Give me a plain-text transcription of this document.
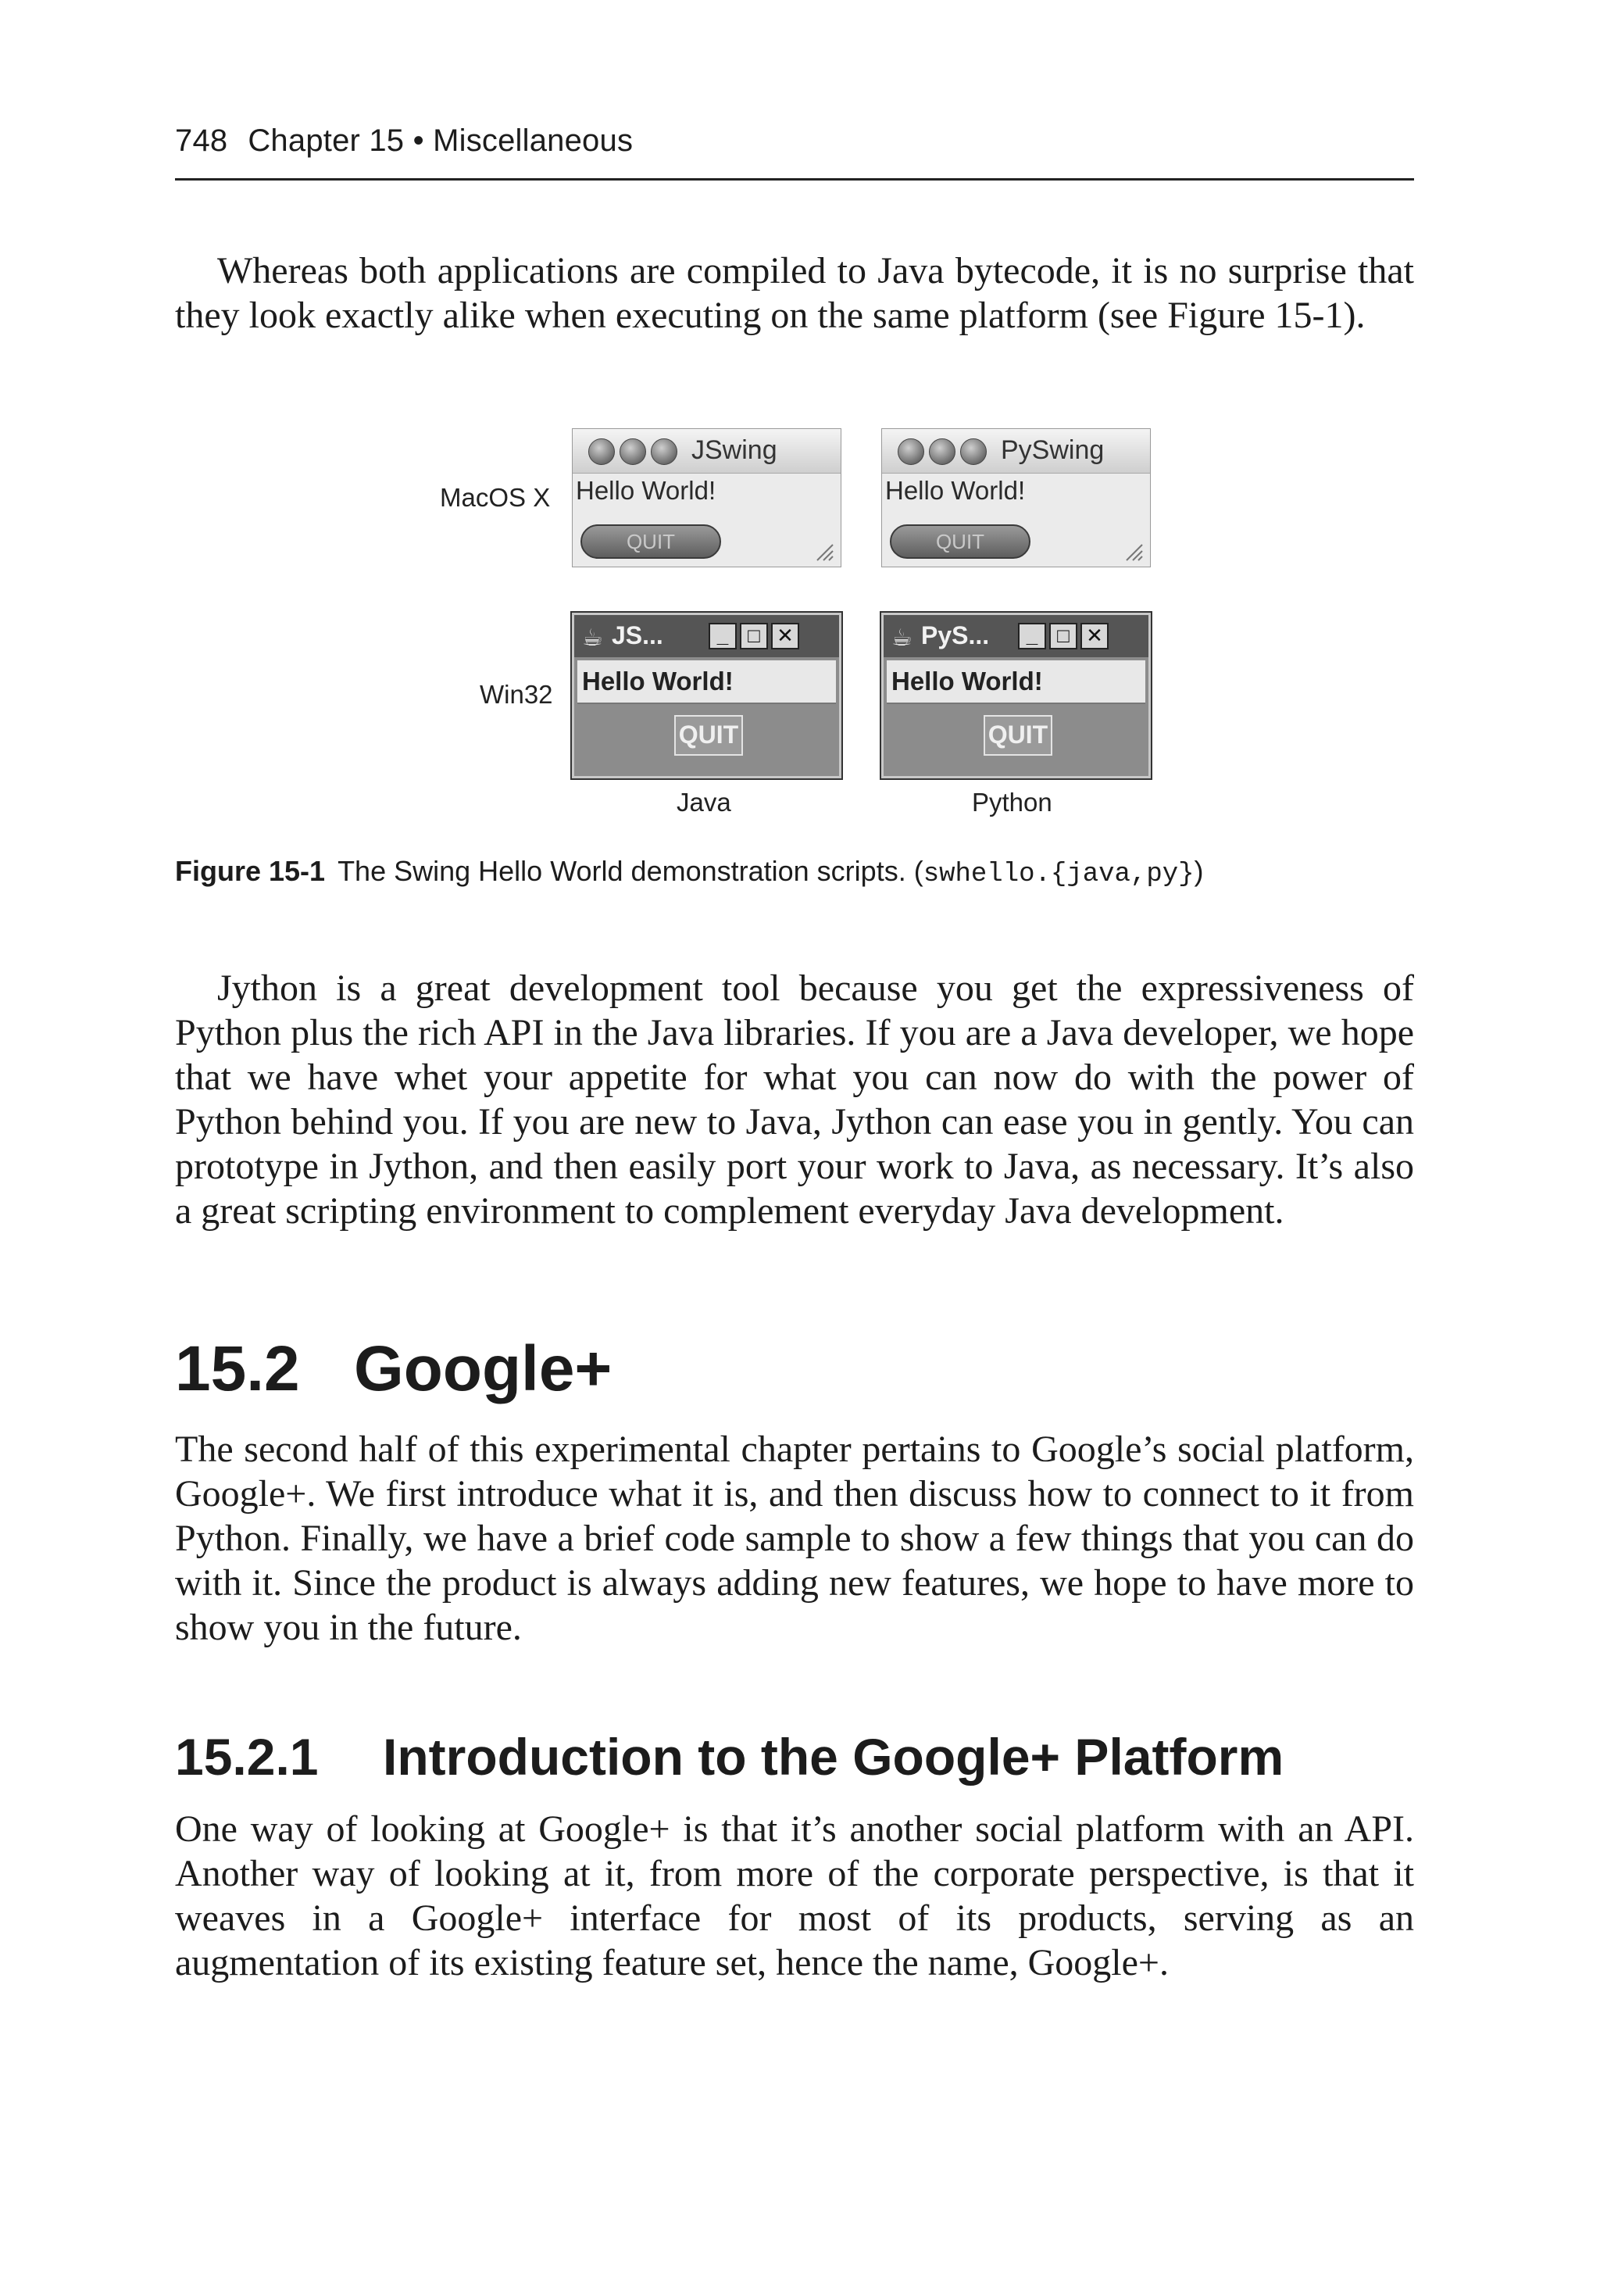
748 Chapter 15 • Miscellaneous

Whereas both applications are compiled to Java bytecode, it is no surprise that they look exactly alike when executing on the same platform (see Figure 15-1).

MacOS X
Win32
JSwing
Hello World!
QUIT
PySwing
Hello World!
QUIT
☕ JS...	_ □ ✕
Hello World!
QUIT
☕ PyS...	_ □ ✕
Hello World!
QUIT
Java	Python
Figure 15-1 The Swing Hello World demonstration scripts. (swhello.{java,py})

Jython is a great development tool because you get the expressiveness of Python plus the rich API in the Java libraries. If you are a Java developer, we hope that we have whet your appetite for what you can now do with the power of Python behind you. If you are new to Java, Jython can ease you in gently. You can prototype in Jython, and then easily port your work to Java, as necessary. It’s also a great scripting environment to complement everyday Java development.

15.2 Google+

The second half of this experimental chapter pertains to Google’s social platform, Google+. We first introduce what it is, and then discuss how to connect to it from Python. Finally, we have a brief code sample to show a few things that you can do with it. Since the product is always adding new features, we hope to have more to show you in the future.

15.2.1 Introduction to the Google+ Platform

One way of looking at Google+ is that it’s another social platform with an API. Another way of looking at it, from more of the corporate perspective, is that it weaves in a Google+ interface for most of its products, serving as an augmentation of its existing feature set, hence the name, Google+.
